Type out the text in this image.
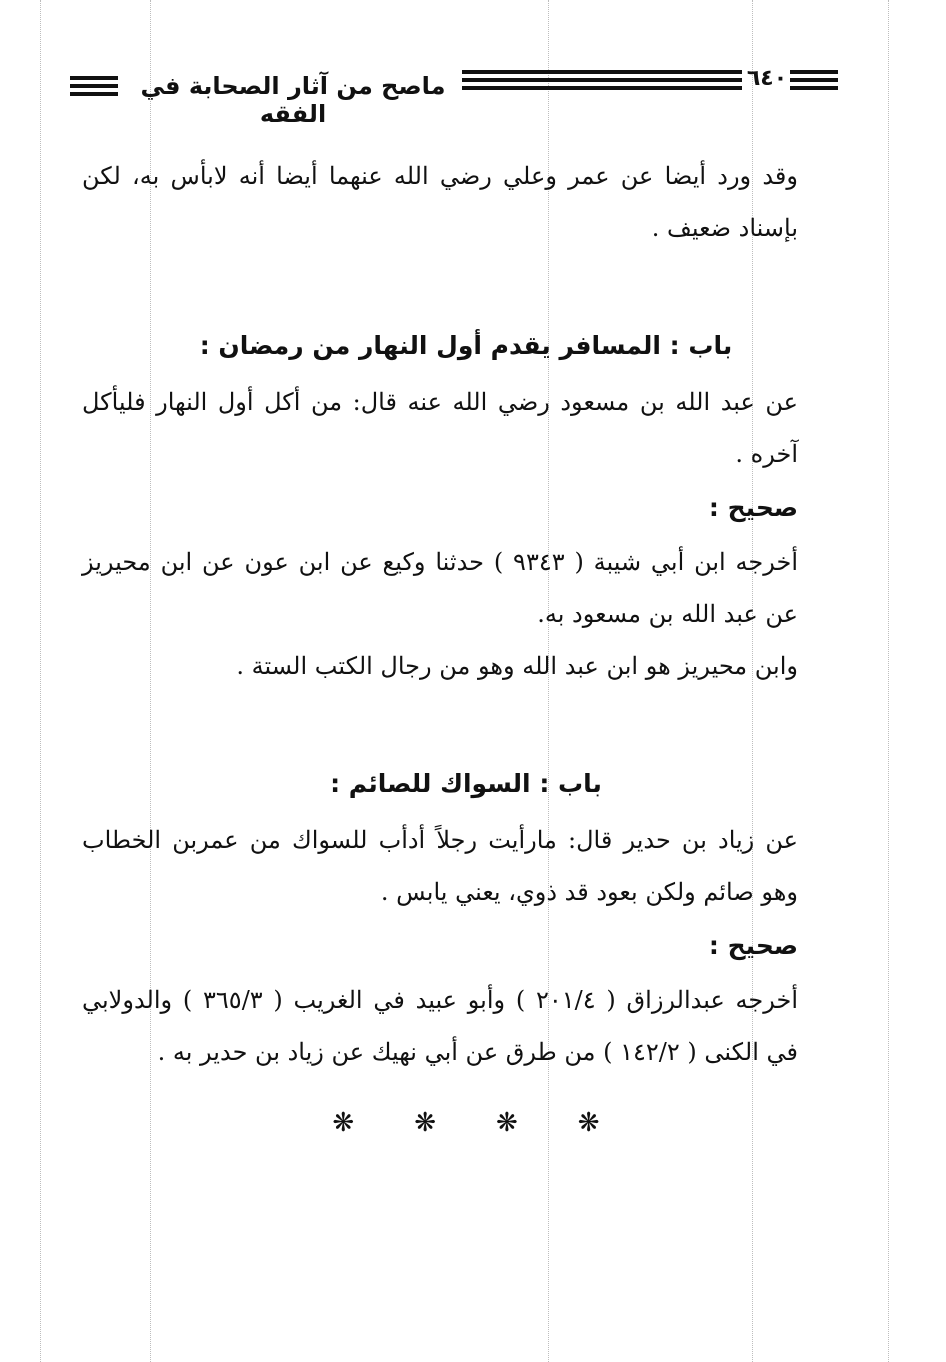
ماصح من آثار الصحابة في الفقه
٦٤٠

وقد ورد أيضا عن عمر وعلي رضي الله عنهما أيضا أنه لابأس به، لكن بإسناد ضعيف .

باب : المسافر يقدم أول النهار من رمضان :

عن عبد الله بن مسعود رضي الله عنه قال: من أكل أول النهار فليأكل آخره .

صحيح :

أخرجه ابن أبي شيبة ( ٩٣٤٣ ) حدثنا وكيع عن ابن عون عن ابن محيريز عن عبد الله بن مسعود به.

وابن محيريز هو ابن عبد الله وهو من رجال الكتب الستة .

باب : السواك للصائم :

عن زياد بن حدير قال: مارأيت رجلاً أدأب للسواك من عمربن الخطاب وهو صائم ولكن بعود قد ذوي، يعني يابس .

صحيح :

أخرجه عبدالرزاق ( ٢٠١/٤ ) وأبو عبيد في الغريب ( ٣٦٥/٣ ) والدولابي في الكنى ( ١٤٢/٢ ) من طرق عن أبي نهيك عن زياد بن حدير به .

❋ ❋ ❋ ❋
